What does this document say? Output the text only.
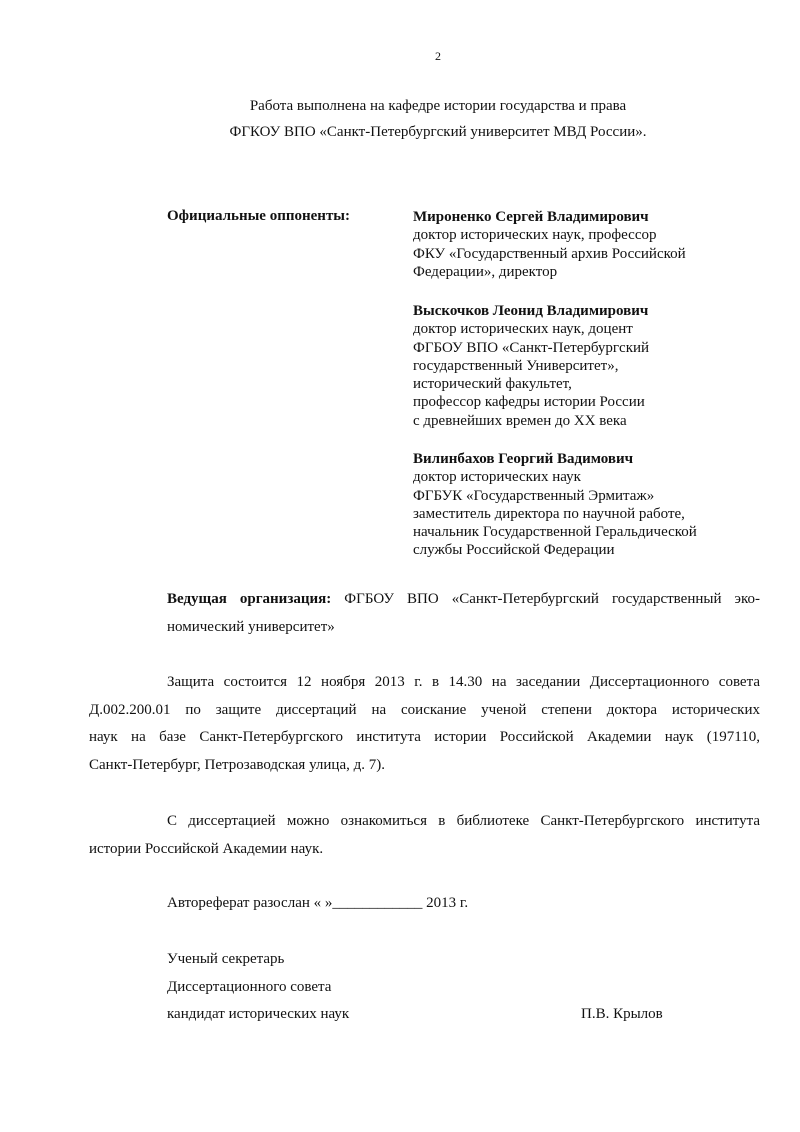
2
Работа выполнена на кафедре истории государства и права
ФГКОУ ВПО «Санкт-Петербургский университет МВД России».
Официальные оппоненты:	Мироненко Сергей Владимирович
доктор исторических наук, профессор
ФКУ «Государственный архив Российской
Федерации», директор
Выскочков Леонид Владимирович
доктор исторических наук, доцент
ФГБОУ ВПО «Санкт-Петербургский
государственный Университет»,
исторический факультет,
профессор кафедры истории России
с древнейших времен до XX века
Вилинбахов Георгий Вадимович
доктор исторических наук
ФГБУК «Государственный Эрмитаж»
заместитель директора по научной работе,
начальник Государственной Геральдической
службы Российской Федерации
Ведущая организация: ФГБОУ ВПО «Санкт-Петербургский государственный эко-
номический университет»
Защита состоится 12 ноября 2013 г. в 14.30 на заседании Диссертационного совета
Д.002.200.01 по защите диссертаций на соискание ученой степени доктора исторических
наук на базе Санкт-Петербургского института истории Российской Академии наук (197110,
Санкт-Петербург, Петрозаводская улица, д. 7).
С диссертацией можно ознакомиться в библиотеке Санкт-Петербургского института
истории Российской Академии наук.
Автореферат разослан « »____________ 2013 г.
Ученый секретарь
Диссертационного совета
кандидат исторических наук	П.В. Крылов
